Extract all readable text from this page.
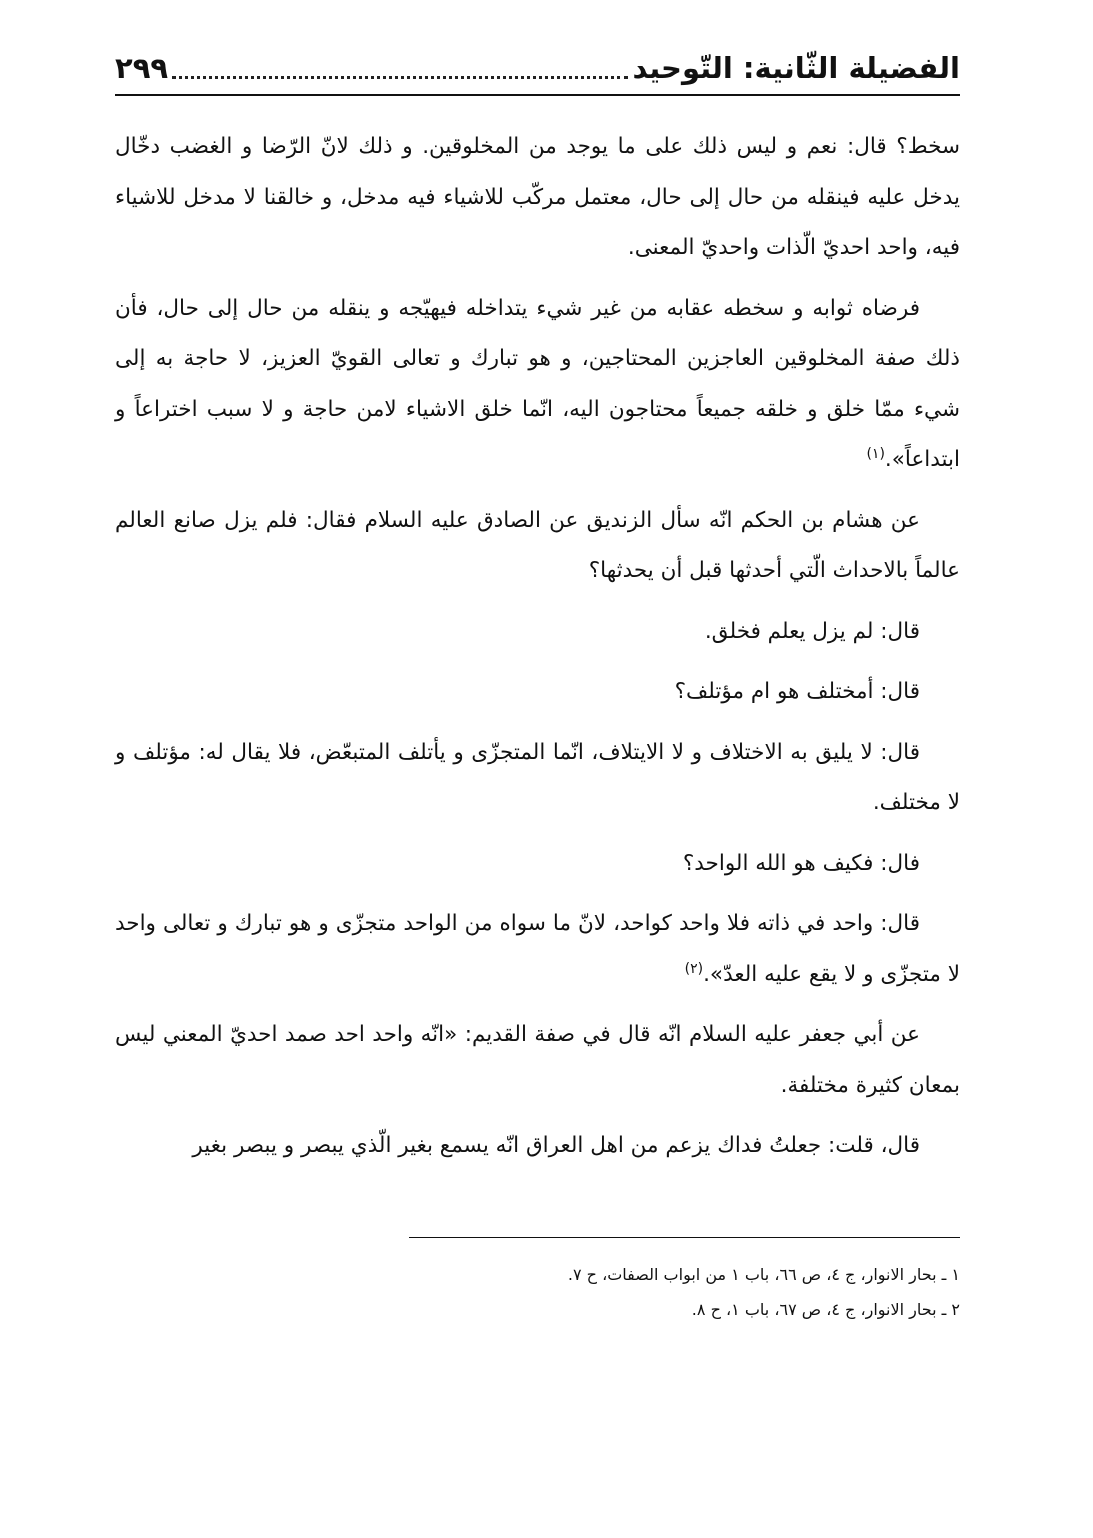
الفضيلة الثّانية: التّوحيد
٢٩٩

سخط؟ قال: نعم و ليس ذلك على ما يوجد من المخلوقين. و ذلك لانّ الرّضا و الغضب دخّال يدخل عليه فينقله من حال إلى حال، معتمل مركّب للاشياء فيه مدخل، و خالقنا لا مدخل للاشياء فيه، واحد احديّ الّذات واحديّ المعنى.

فرضاه ثوابه و سخطه عقابه من غير شيء يتداخله فيهيّجه و ينقله من حال إلى حال، فأن ذلك صفة المخلوقين العاجزين المحتاجين، و هو تبارك و تعالى القويّ العزيز، لا حاجة به إلى شيء ممّا خلق و خلقه جميعاً محتاجون اليه، انّما خلق الاشياء لامن حاجة و لا سبب اختراعاً و ابتداعاً».$^{(١)}$

عن هشام بن الحكم انّه سأل الزنديق عن الصادق عليه السلام فقال: فلم يزل صانع العالم عالماً بالاحداث الّتي أحدثها قبل أن يحدثها؟

قال: لم يزل يعلم فخلق.

قال: أمختلف هو ام مؤتلف؟

قال: لا يليق به الاختلاف و لا الايتلاف، انّما المتجزّى و يأتلف المتبعّض، فلا يقال له: مؤتلف و لا مختلف.

فال: فكيف هو الله الواحد؟

قال: واحد في ذاته فلا واحد كواحد، لانّ ما سواه من الواحد متجزّى و هو تبارك و تعالى واحد لا متجزّى و لا يقع عليه العدّ».$^{(٢)}$

عن أبي جعفر عليه السلام انّه قال في صفة القديم: «انّه واحد احد صمد احديّ المعني ليس بمعان كثيرة مختلفة.

قال، قلت: جعلتُ فداك يزعم من اهل العراق انّه يسمع بغير الّذي يبصر و يبصر بغير

١ ـ بحار الانوار، ج ٤، ص ٦٦، باب ١ من ابواب الصفات، ح ٧.

٢ ـ بحار الانوار، ج ٤، ص ٦٧، باب ١، ح ٨.
